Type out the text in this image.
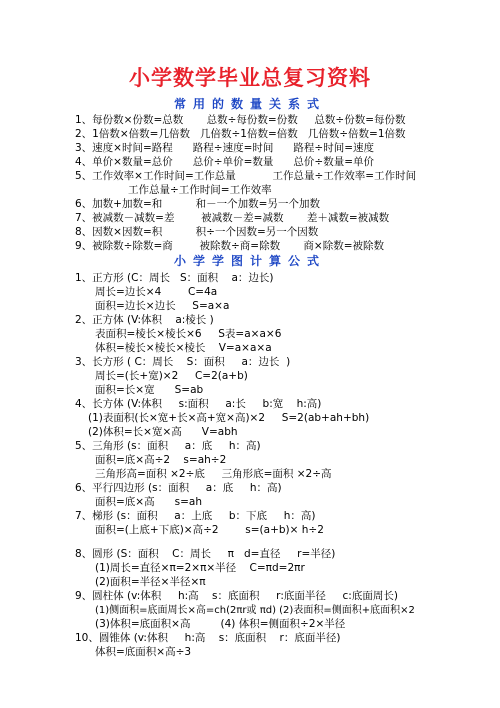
小学数学毕业总复习资料
常用的数量关系式
1、每份数×份数=总数       总数÷每份数=份数     总数÷份数=每份数
2、1倍数×倍数=几倍数   几倍数÷1倍数=倍数   几倍数÷倍数=1倍数
3、速度×时间=路程      路程÷速度=时间      路程÷时间=速度
4、单价×数量=总价      总价÷单价=数量      总价÷数量=单价
5、工作效率×工作时间=工作总量           工作总量÷工作效率=工作时间
工作总量÷工作时间=工作效率
6、加数+加数=和          和－一个加数=另一个加数
7、被减数－减数=差        被减数－差=减数       差＋减数=被减数
8、因数×因数=积          积÷一个因数=另一个因数
9、被除数÷除数=商        被除数÷商=除数       商×除数=被除数
小学学图计算公式
1、正方形 (C：周长   S：面积    a：边长)
周长=边长×4        C=4a
面积=边长×边长     S=a×a
2、正方体 (V:体积    a:棱长 )
表面积=棱长×棱长×6     S表=a×a×6
体积=棱长×棱长×棱长    V=a×a×a
3、长方形 ( C：周长    S：面积     a：边长  )
周长=(长+宽)×2     C=2(a+b)
面积=长×宽      S=ab
4、长方体 (V:体积     s:面积     a:长     b:宽    h:高)
(1)表面积(长×宽+长×高+宽×高)×2     S=2(ab+ah+bh)
(2)体积=长×宽×高      V=abh
5、三角形 (s：面积     a：底     h：高)
面积=底×高÷2    s=ah÷2
三角形高=面积 ×2÷底     三角形底=面积 ×2÷高
6、平行四边形 (s：面积     a：底     h：高)
面积=底×高      s=ah
7、梯形 (s：面积     a：上底     b：下底     h：高)
面积=(上底+下底)×高÷2        s=(a+b)× h÷2
8、圆形 (S：面积    C：周长     π   d=直径     r=半径)
(1)周长=直径×π=2×π×半径    C=πd=2πr
(2)面积=半径×半径×π
9、圆柱体 (v:体积     h:高    s：底面积     r:底面半径     c:底面周长)
(1)侧面积=底面周长×高=ch(2πr或 πd) (2)表面积=侧面积+底面积×2
(3)体积=底面积×高         (4) 体积=侧面积÷2×半径
10、圆锥体 (v:体积     h:高    s：底面积    r：底面半径)
体积=底面积×高÷3
